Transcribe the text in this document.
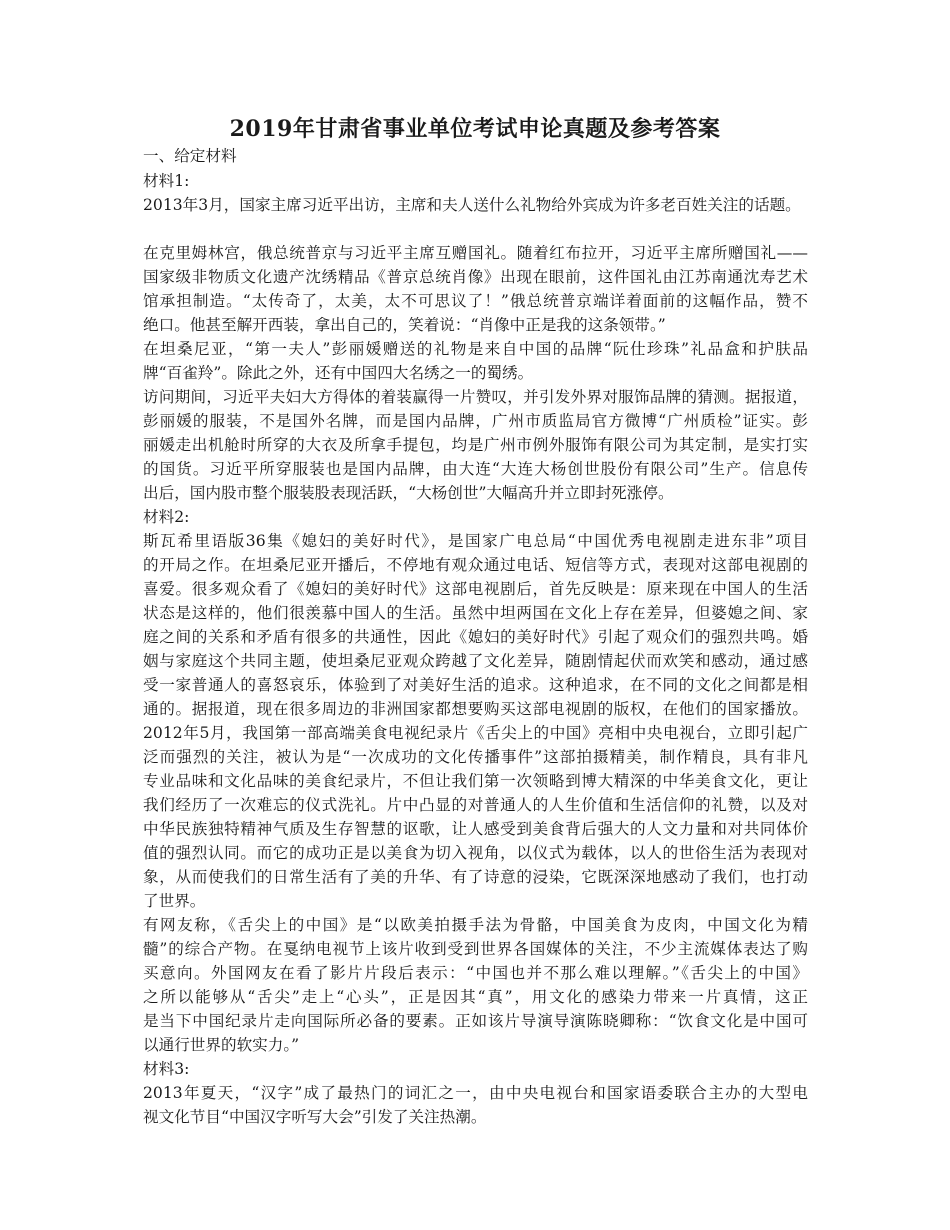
2019年甘肃省事业单位考试申论真题及参考答案
一、给定材料
材料1:
2013年3月，国家主席习近平出访，主席和夫人送什么礼物给外宾成为许多老百姓关注的话题。
在克里姆林宫，俄总统普京与习近平主席互赠国礼。随着红布拉开，习近平主席所赠国礼——
国家级非物质文化遗产沈绣精品《普京总统肖像》出现在眼前，这件国礼由江苏南通沈寿艺术
馆承担制造。“太传奇了，太美，太不可思议了！”俄总统普京端详着面前的这幅作品，赞不
绝口。他甚至解开西装，拿出自己的，笑着说：“肖像中正是我的这条领带。”
在坦桑尼亚，“第一夫人”彭丽媛赠送的礼物是来自中国的品牌“阮仕珍珠”礼品盒和护肤品
牌“百雀羚”。除此之外，还有中国四大名绣之一的蜀绣。
访问期间，习近平夫妇大方得体的着装赢得一片赞叹，并引发外界对服饰品牌的猜测。据报道，
彭丽媛的服装，不是国外名牌，而是国内品牌，广州市质监局官方微博“广州质检”证实。彭
丽媛走出机舱时所穿的大衣及所拿手提包，均是广州市例外服饰有限公司为其定制，是实打实
的国货。习近平所穿服装也是国内品牌，由大连“大连大杨创世股份有限公司”生产。信息传
出后，国内股市整个服装股表现活跃，“大杨创世”大幅高升并立即封死涨停。
材料2:
斯瓦希里语版36集《媳妇的美好时代》，是国家广电总局“中国优秀电视剧走进东非”项目
的开局之作。在坦桑尼亚开播后，不停地有观众通过电话、短信等方式，表现对这部电视剧的
喜爱。很多观众看了《媳妇的美好时代》这部电视剧后，首先反映是：原来现在中国人的生活
状态是这样的，他们很羡慕中国人的生活。虽然中坦两国在文化上存在差异，但婆媳之间、家
庭之间的关系和矛盾有很多的共通性，因此《媳妇的美好时代》引起了观众们的强烈共鸣。婚
姻与家庭这个共同主题，使坦桑尼亚观众跨越了文化差异，随剧情起伏而欢笑和感动，通过感
受一家普通人的喜怒哀乐，体验到了对美好生活的追求。这种追求，在不同的文化之间都是相
通的。据报道，现在很多周边的非洲国家都想要购买这部电视剧的版权，在他们的国家播放。
2012年5月，我国第一部高端美食电视纪录片《舌尖上的中国》亮相中央电视台，立即引起广
泛而强烈的关注，被认为是“一次成功的文化传播事件”这部拍摄精美，制作精良，具有非凡
专业品味和文化品味的美食纪录片，不但让我们第一次领略到博大精深的中华美食文化，更让
我们经历了一次难忘的仪式洗礼。片中凸显的对普通人的人生价值和生活信仰的礼赞，以及对
中华民族独特精神气质及生存智慧的讴歌，让人感受到美食背后强大的人文力量和对共同体价
值的强烈认同。而它的成功正是以美食为切入视角，以仪式为载体，以人的世俗生活为表现对
象，从而使我们的日常生活有了美的升华、有了诗意的浸染，它既深深地感动了我们，也打动
了世界。
有网友称，《舌尖上的中国》是“以欧美拍摄手法为骨骼，中国美食为皮肉，中国文化为精
髓”的综合产物。在戛纳电视节上该片收到受到世界各国媒体的关注，不少主流媒体表达了购
买意向。外国网友在看了影片片段后表示：“中国也并不那么难以理解。”《舌尖上的中国》
之所以能够从“舌尖”走上“心头”，正是因其“真”，用文化的感染力带来一片真情，这正
是当下中国纪录片走向国际所必备的要素。正如该片导演导演陈晓卿称：“饮食文化是中国可
以通行世界的软实力。”
材料3:
2013年夏天，“汉字”成了最热门的词汇之一，由中央电视台和国家语委联合主办的大型电
视文化节目“中国汉字听写大会”引发了关注热潮。
